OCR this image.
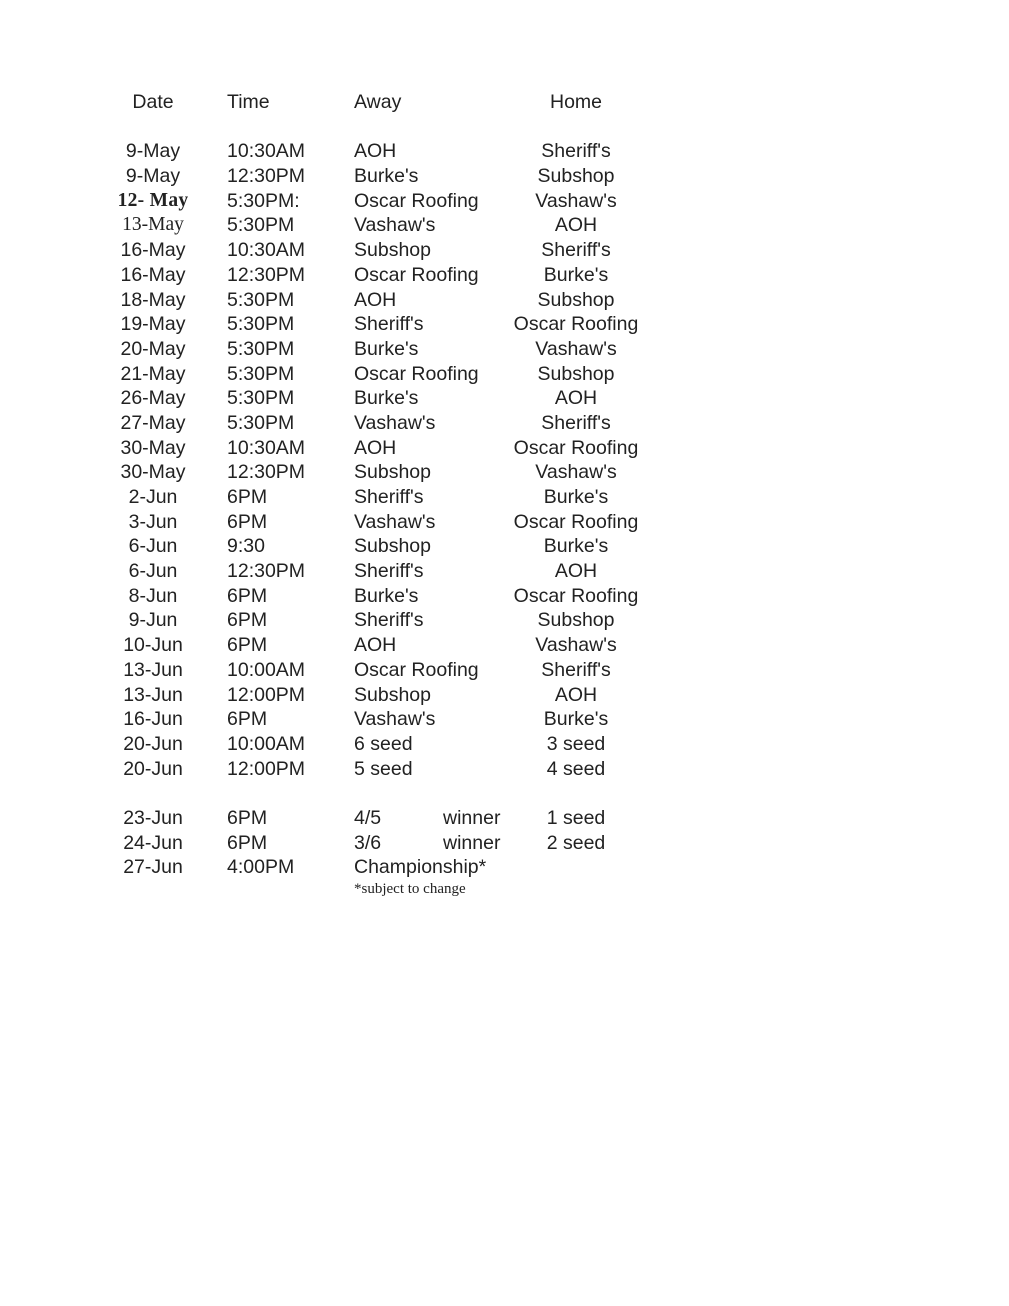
Date	Time	Away	Home
9-May	10:30AM	AOH	Sheriff's
9-May	12:30PM	Burke's	Subshop
12- May	5:30PM:	Oscar Roofing	Vashaw's
13-May	5:30PM	Vashaw's	AOH
16-May	10:30AM	Subshop	Sheriff's
16-May	12:30PM	Oscar Roofing	Burke's
18-May	5:30PM	AOH	Subshop
19-May	5:30PM	Sheriff's	Oscar Roofing
20-May	5:30PM	Burke's	Vashaw's
21-May	5:30PM	Oscar Roofing	Subshop
26-May	5:30PM	Burke's	AOH
27-May	5:30PM	Vashaw's	Sheriff's
30-May	10:30AM	AOH	Oscar Roofing
30-May	12:30PM	Subshop	Vashaw's
2-Jun	6PM	Sheriff's	Burke's
3-Jun	6PM	Vashaw's	Oscar Roofing
6-Jun	9:30	Subshop	Burke's
6-Jun	12:30PM	Sheriff's	AOH
8-Jun	6PM	Burke's	Oscar Roofing
9-Jun	6PM	Sheriff's	Subshop
10-Jun	6PM	AOH	Vashaw's
13-Jun	10:00AM	Oscar Roofing	Sheriff's
13-Jun	12:00PM	Subshop	AOH
16-Jun	6PM	Vashaw's	Burke's
20-Jun	10:00AM	6 seed	3 seed
20-Jun	12:00PM	5 seed	4 seed
23-Jun	6PM	4/5	winner	1 seed
24-Jun	6PM	3/6	winner	2 seed
27-Jun	4:00PM	Championship*
*subject to change
